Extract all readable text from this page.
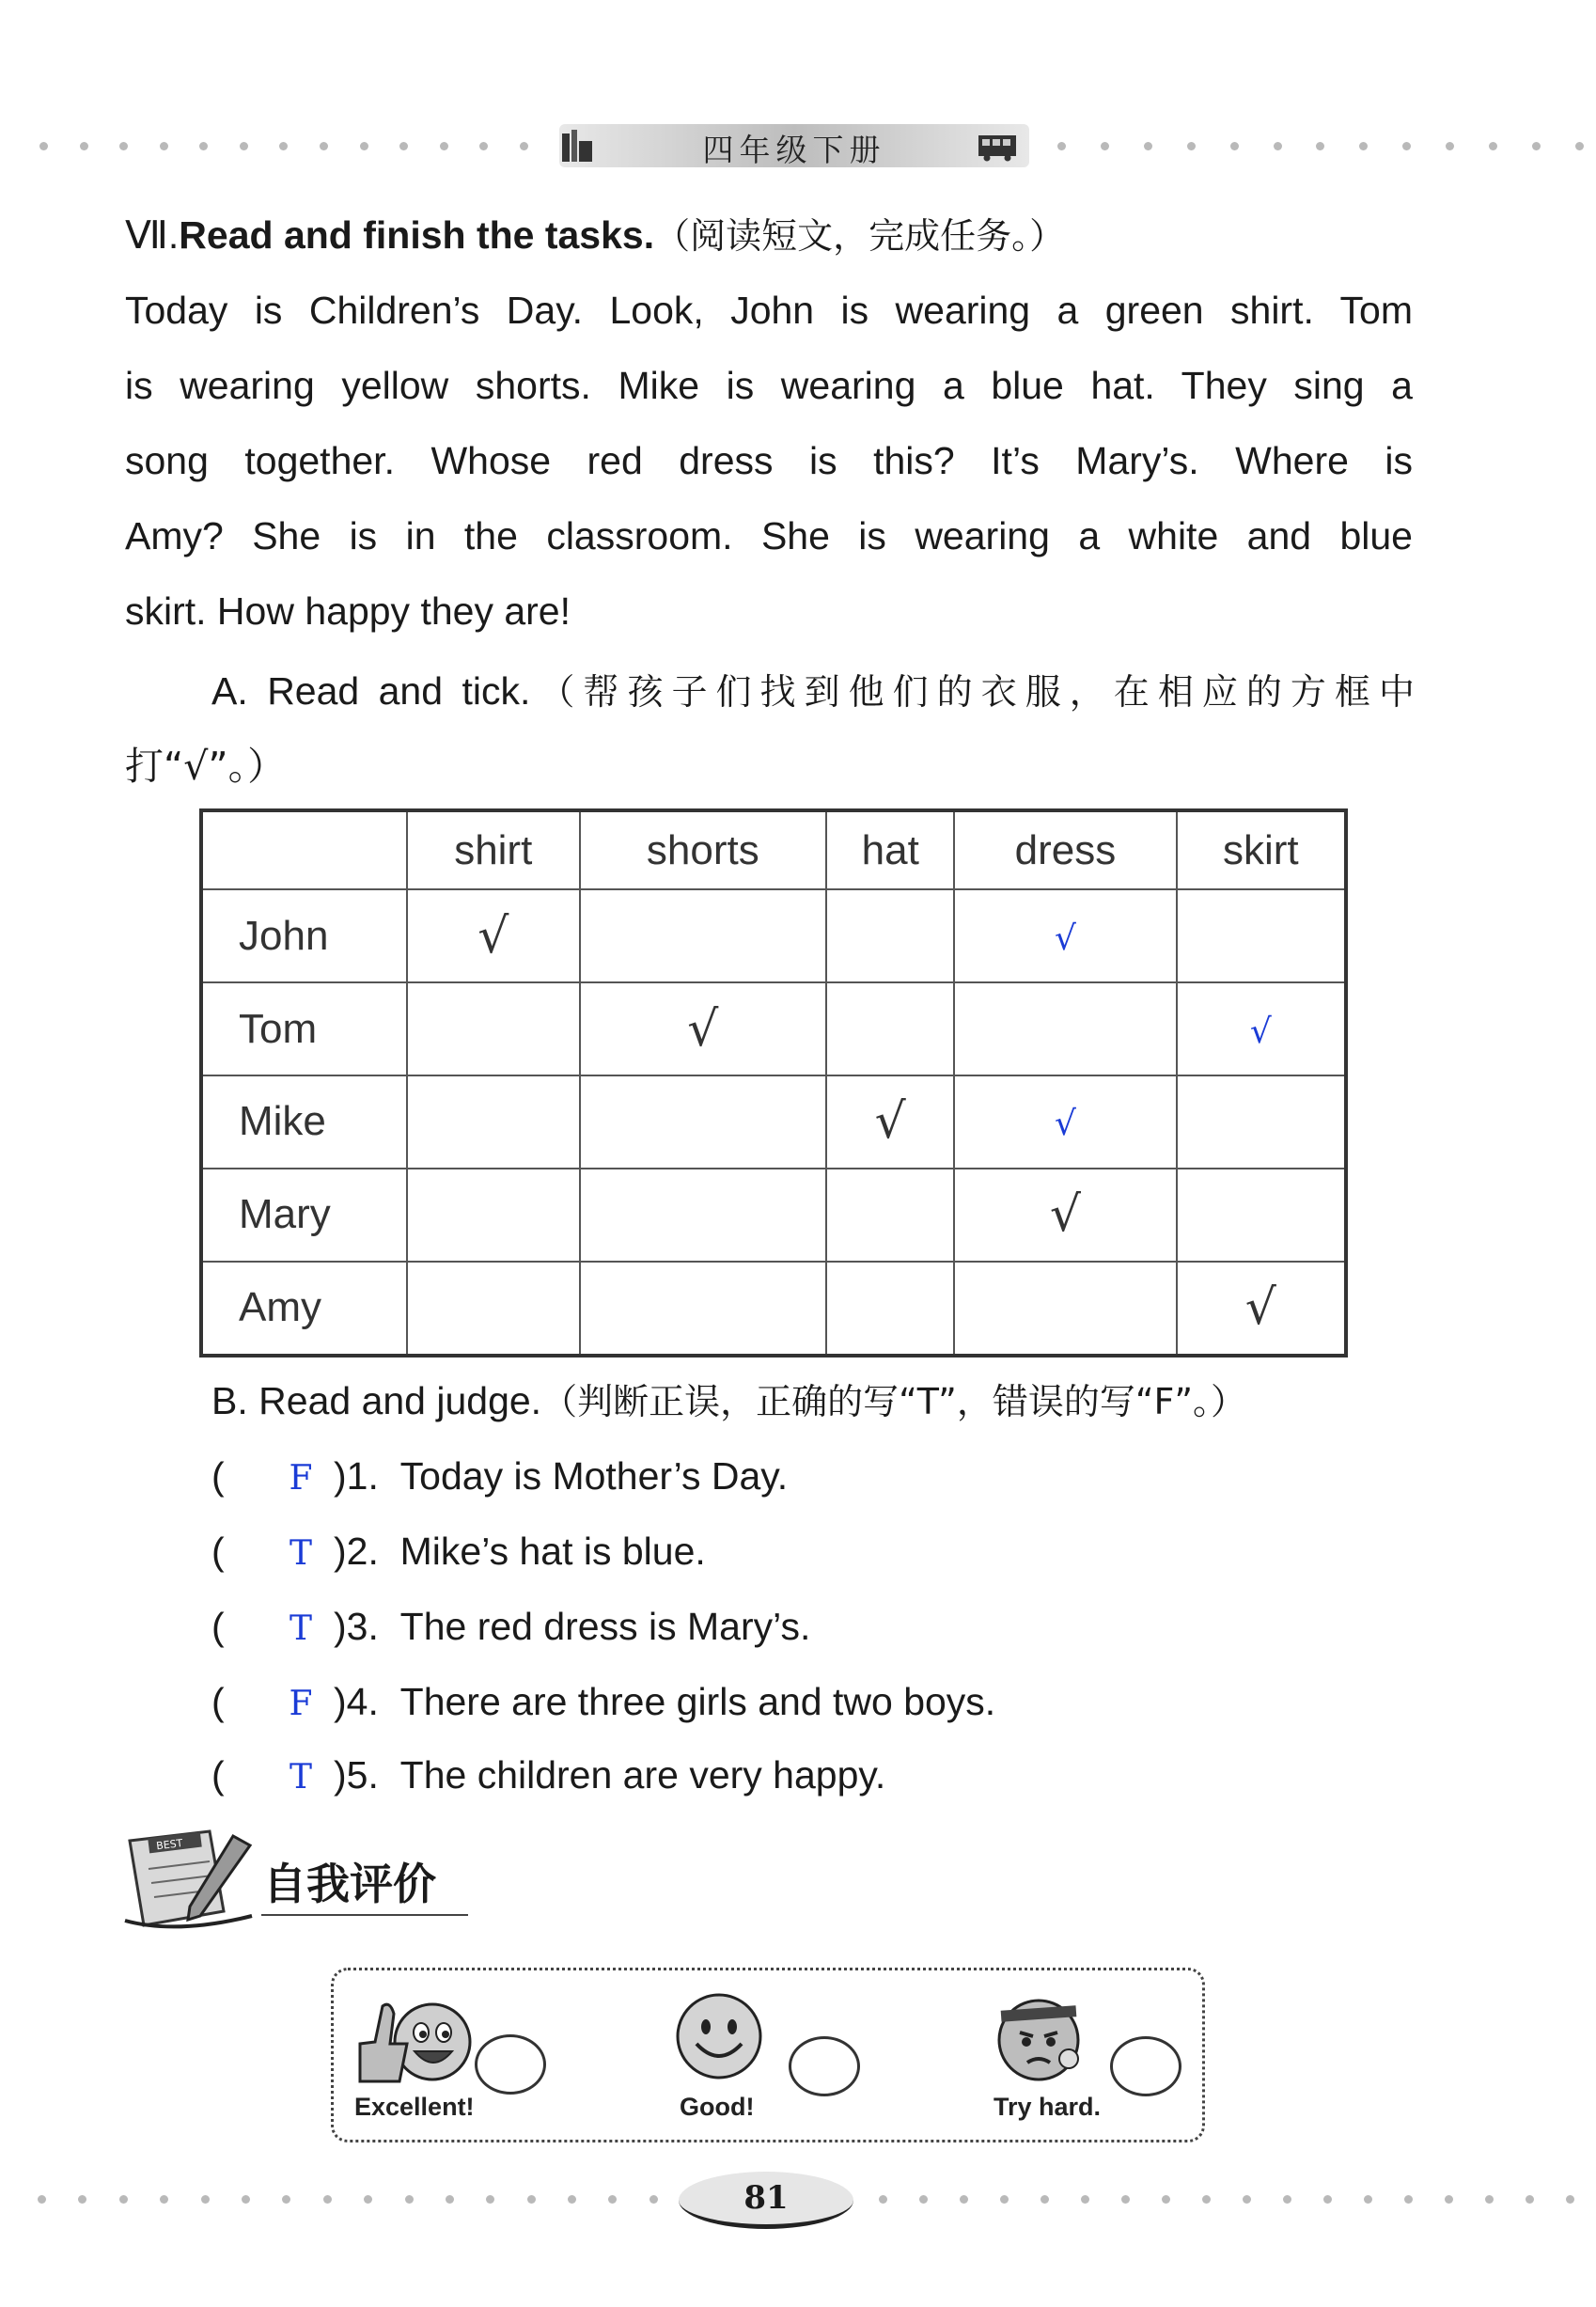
四年级下册
Ⅶ.Read and finish the tasks.（阅读短文，完成任务。）
Today is Children’s Day. Look, John is wearing a green shirt. Tom
is wearing yellow shorts. Mike is wearing a blue hat. They sing a
song together. Whose red dress is this? It’s Mary’s. Where is
Amy? She is in the classroom. She is wearing a white and blue
skirt. How happy they are!
A. Read and tick.（帮孩子们找到他们的衣服，在相应的方框中
打“√”。）
	shirt	shorts	hat	dress	skirt
John	√			√	
Tom		√			√
Mike			√	√	
Mary				√	
Amy					√
B. Read and judge.（判断正误，正确的写“T”，错误的写“F”。）
( F )1. Today is Mother’s Day.
( T )2. Mike’s hat is blue.
( T )3. The red dress is Mary’s.
( F )4. There are three girls and two boys.
( T )5. The children are very happy.
BEST
自我评价
Excellent!	Good!	Try hard.
81
